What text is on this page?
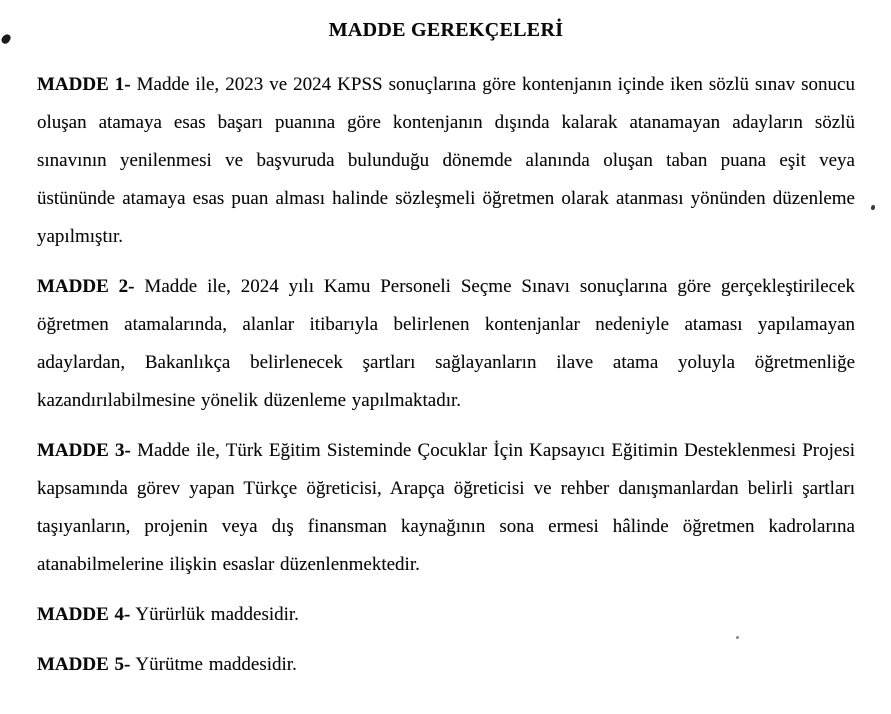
MADDE GEREKÇELERİ

MADDE 1- Madde ile, 2023 ve 2024 KPSS sonuçlarına göre kontenjanın içinde iken sözlü sınav sonucu oluşan atamaya esas başarı puanına göre kontenjanın dışında kalarak atanamayan adayların sözlü sınavının yenilenmesi ve başvuruda bulunduğu dönemde alanında oluşan taban puana eşit veya üstününde atamaya esas puan alması halinde sözleşmeli öğretmen olarak atanması yönünden düzenleme yapılmıştır.

MADDE 2- Madde ile, 2024 yılı Kamu Personeli Seçme Sınavı sonuçlarına göre gerçekleştirilecek öğretmen atamalarında, alanlar itibarıyla belirlenen kontenjanlar nedeniyle ataması yapılamayan adaylardan, Bakanlıkça belirlenecek şartları sağlayanların ilave atama yoluyla öğretmenliğe kazandırılabilmesine yönelik düzenleme yapılmaktadır.

MADDE 3- Madde ile, Türk Eğitim Sisteminde Çocuklar İçin Kapsayıcı Eğitimin Desteklenmesi Projesi kapsamında görev yapan Türkçe öğreticisi, Arapça öğreticisi ve rehber danışmanlardan belirli şartları taşıyanların, projenin veya dış finansman kaynağının sona ermesi hâlinde öğretmen kadrolarına atanabilmelerine ilişkin esaslar düzenlenmektedir.

MADDE 4- Yürürlük maddesidir.

MADDE 5- Yürütme maddesidir.
